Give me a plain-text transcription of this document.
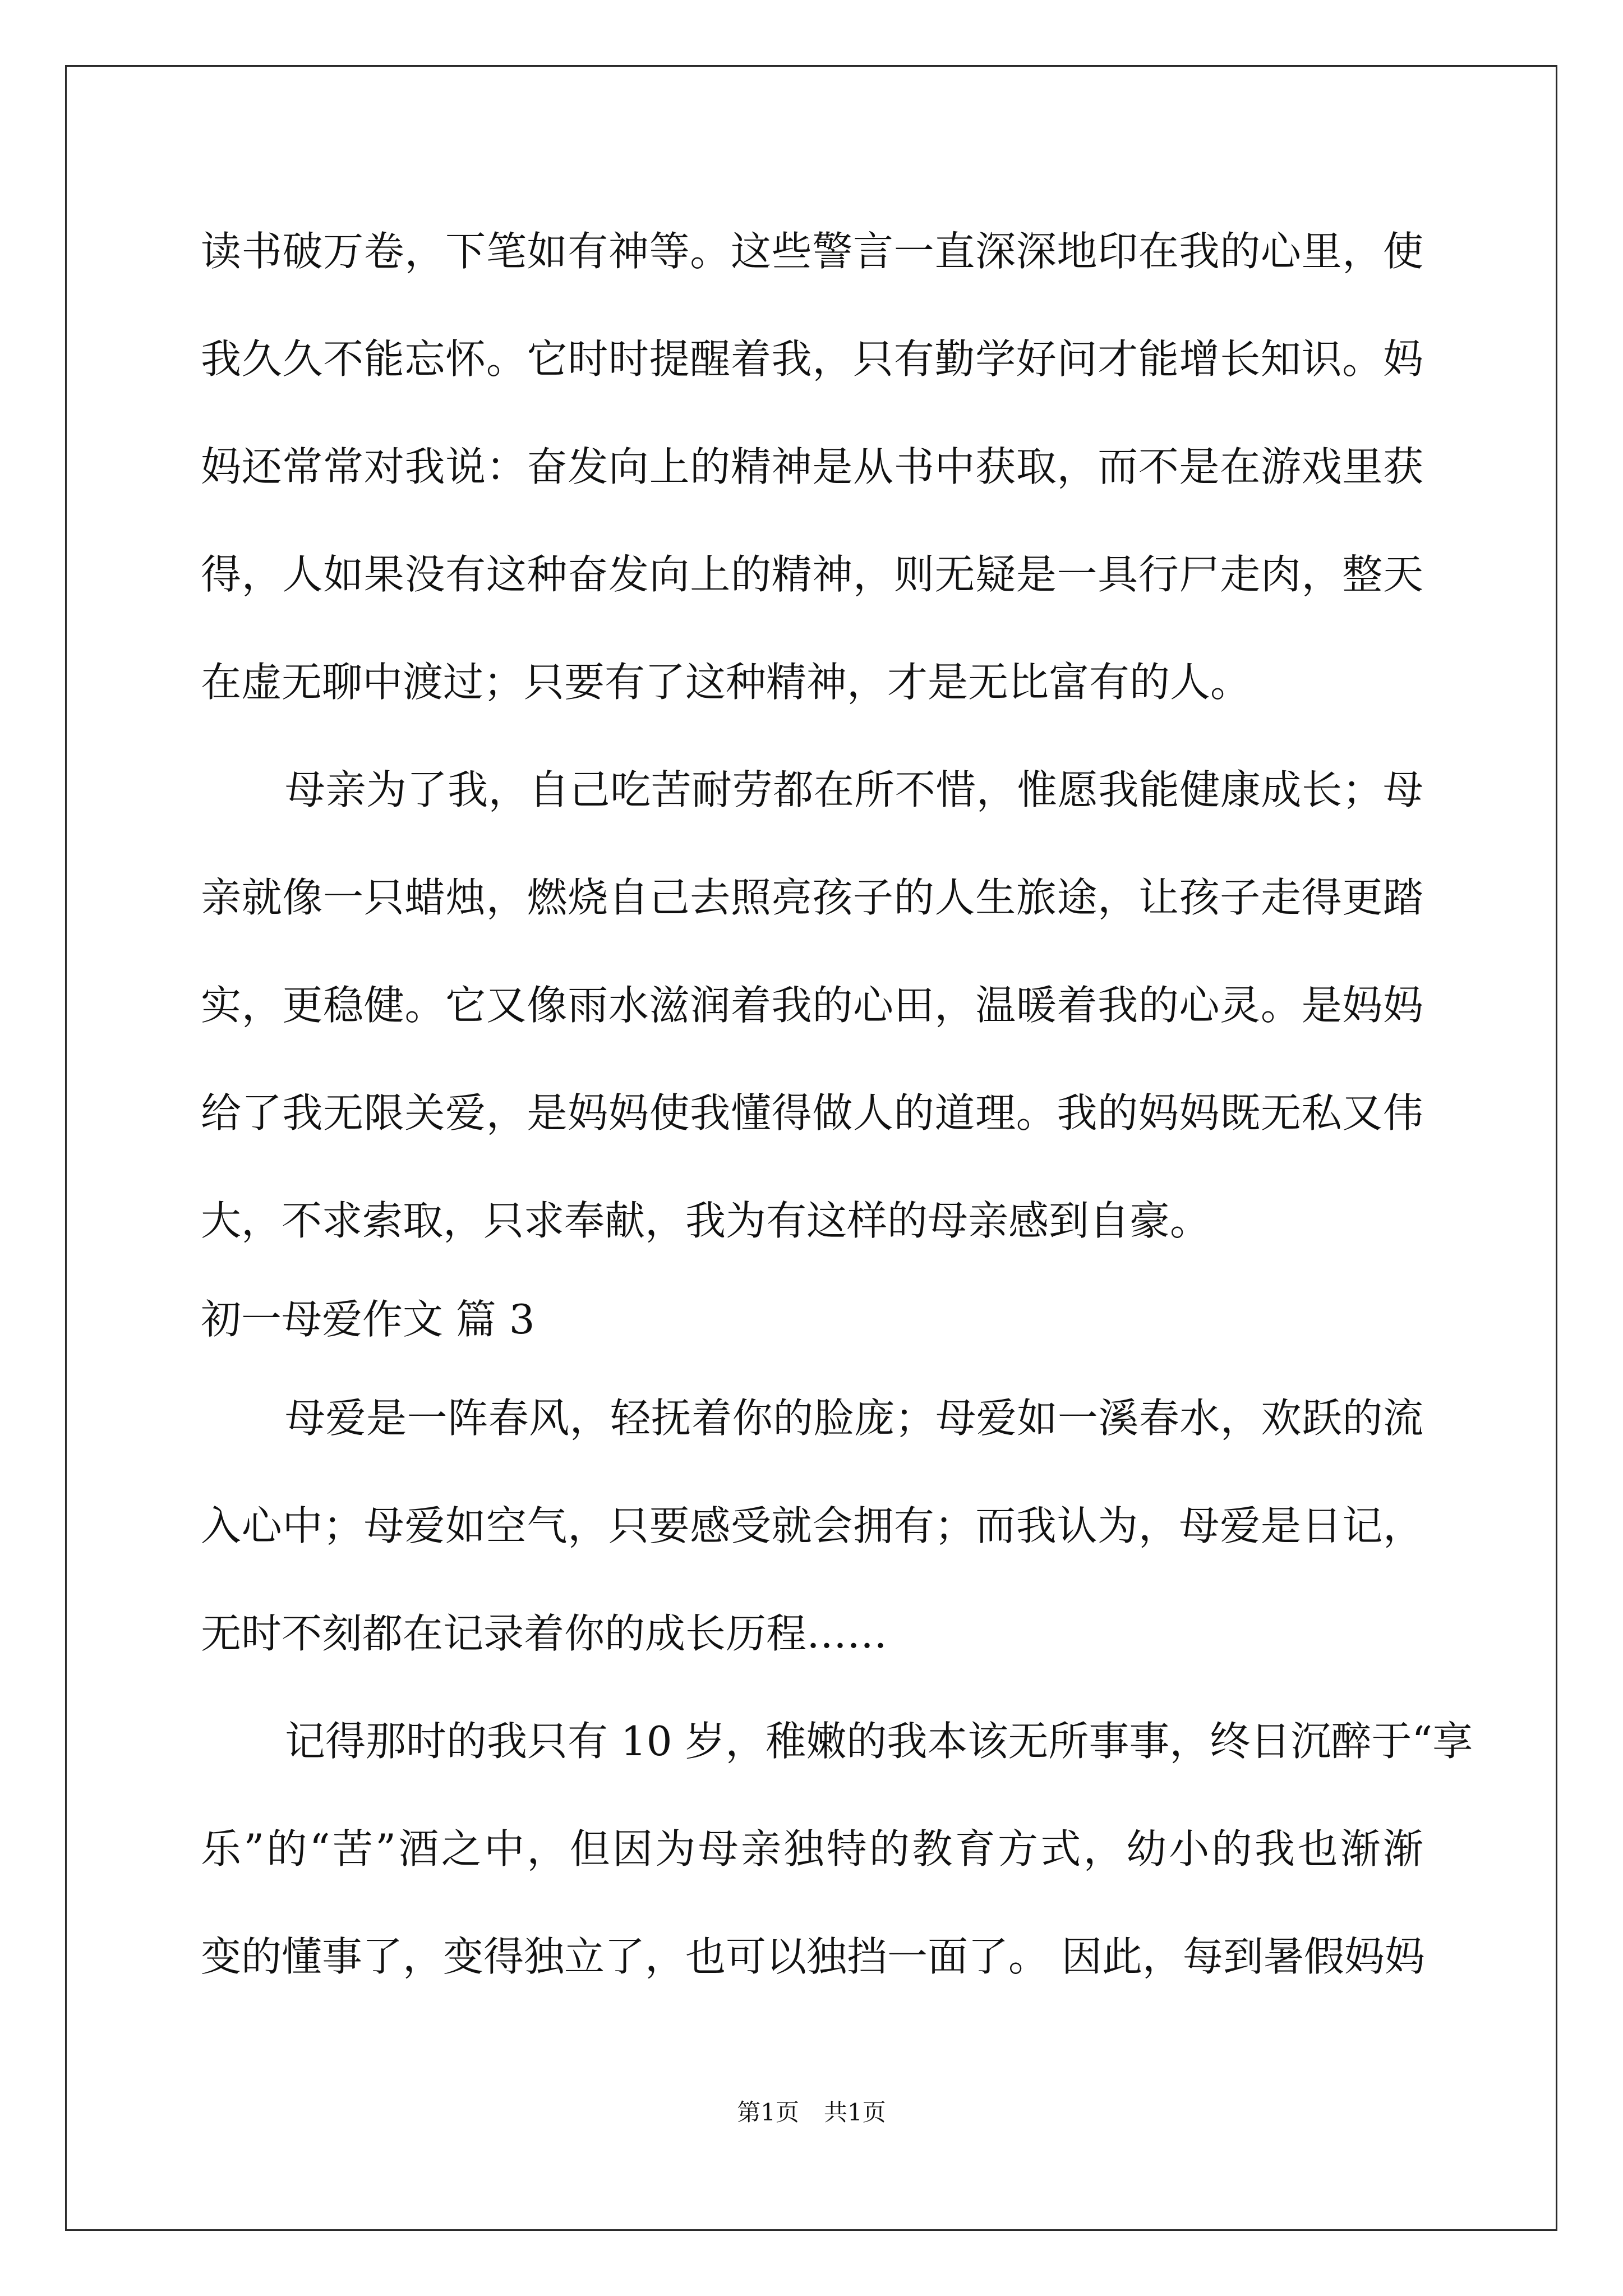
读书破万卷，下笔如有神等。这些警言一直深深地印在我的心里，使
我久久不能忘怀。它时时提醒着我，只有勤学好问才能增长知识。妈
妈还常常对我说：奋发向上的精神是从书中获取，而不是在游戏里获
得，人如果没有这种奋发向上的精神，则无疑是一具行尸走肉，整天
在虚无聊中渡过；只要有了这种精神，才是无比富有的人。
母亲为了我，自己吃苦耐劳都在所不惜，惟愿我能健康成长；母
亲就像一只蜡烛，燃烧自己去照亮孩子的人生旅途，让孩子走得更踏
实，更稳健。它又像雨水滋润着我的心田，温暖着我的心灵。是妈妈
给了我无限关爱，是妈妈使我懂得做人的道理。我的妈妈既无私又伟
大，不求索取，只求奉献，我为有这样的母亲感到自豪。
初一母爱作文 篇 3
母爱是一阵春风，轻抚着你的脸庞；母爱如一溪春水，欢跃的流
入心中；母爱如空气，只要感受就会拥有；而我认为，母爱是日记，
无时不刻都在记录着你的成长历程……
记得那时的我只有 10 岁，稚嫩的我本该无所事事，终日沉醉于“享
乐”的“苦”酒之中，但因为母亲独特的教育方式，幼小的我也渐渐
变的懂事了，变得独立了，也可以独挡一面了。 因此，每到暑假妈妈
第1页 共1页
